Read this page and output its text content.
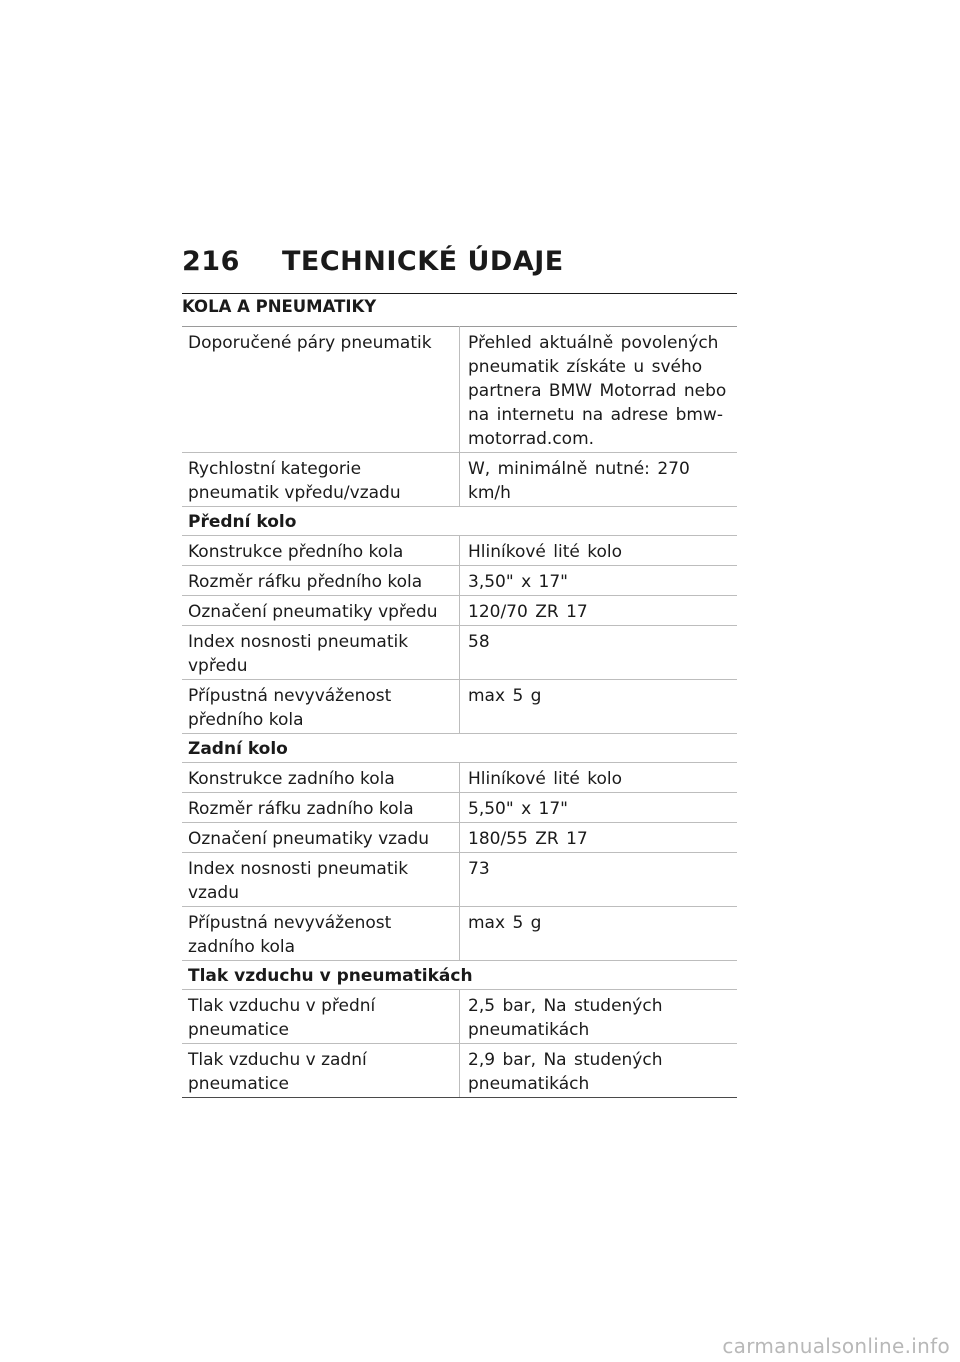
216 TECHNICKÉ ÚDAJE
KOLA A PNEUMATIKY
Doporučené páry pneumatik	Přehled aktuálně povolených pneumatik získáte u svého partnera BMW Motorrad nebo na internetu na adrese bmw-motorrad.com.
Rychlostní kategorie pneumatik vpředu/vzadu	W, minimálně nutné: 270 km/h
Přední kolo	
Konstrukce předního kola	Hliníkové lité kolo
Rozměr ráfku předního kola	3,50" x 17"
Označení pneumatiky vpředu	120/70 ZR 17
Index nosnosti pneumatik vpředu	58
Přípustná nevyváženost předního kola	max 5 g
Zadní kolo	
Konstrukce zadního kola	Hliníkové lité kolo
Rozměr ráfku zadního kola	5,50" x 17"
Označení pneumatiky vzadu	180/55 ZR 17
Index nosnosti pneumatik vzadu	73
Přípustná nevyváženost zadního kola	max 5 g
Tlak vzduchu v pneumatikách	
Tlak vzduchu v přední pneumatice	2,5 bar, Na studených pneumatikách
Tlak vzduchu v zadní pneumatice	2,9 bar, Na studených pneumatikách
carmanualsonline.info
